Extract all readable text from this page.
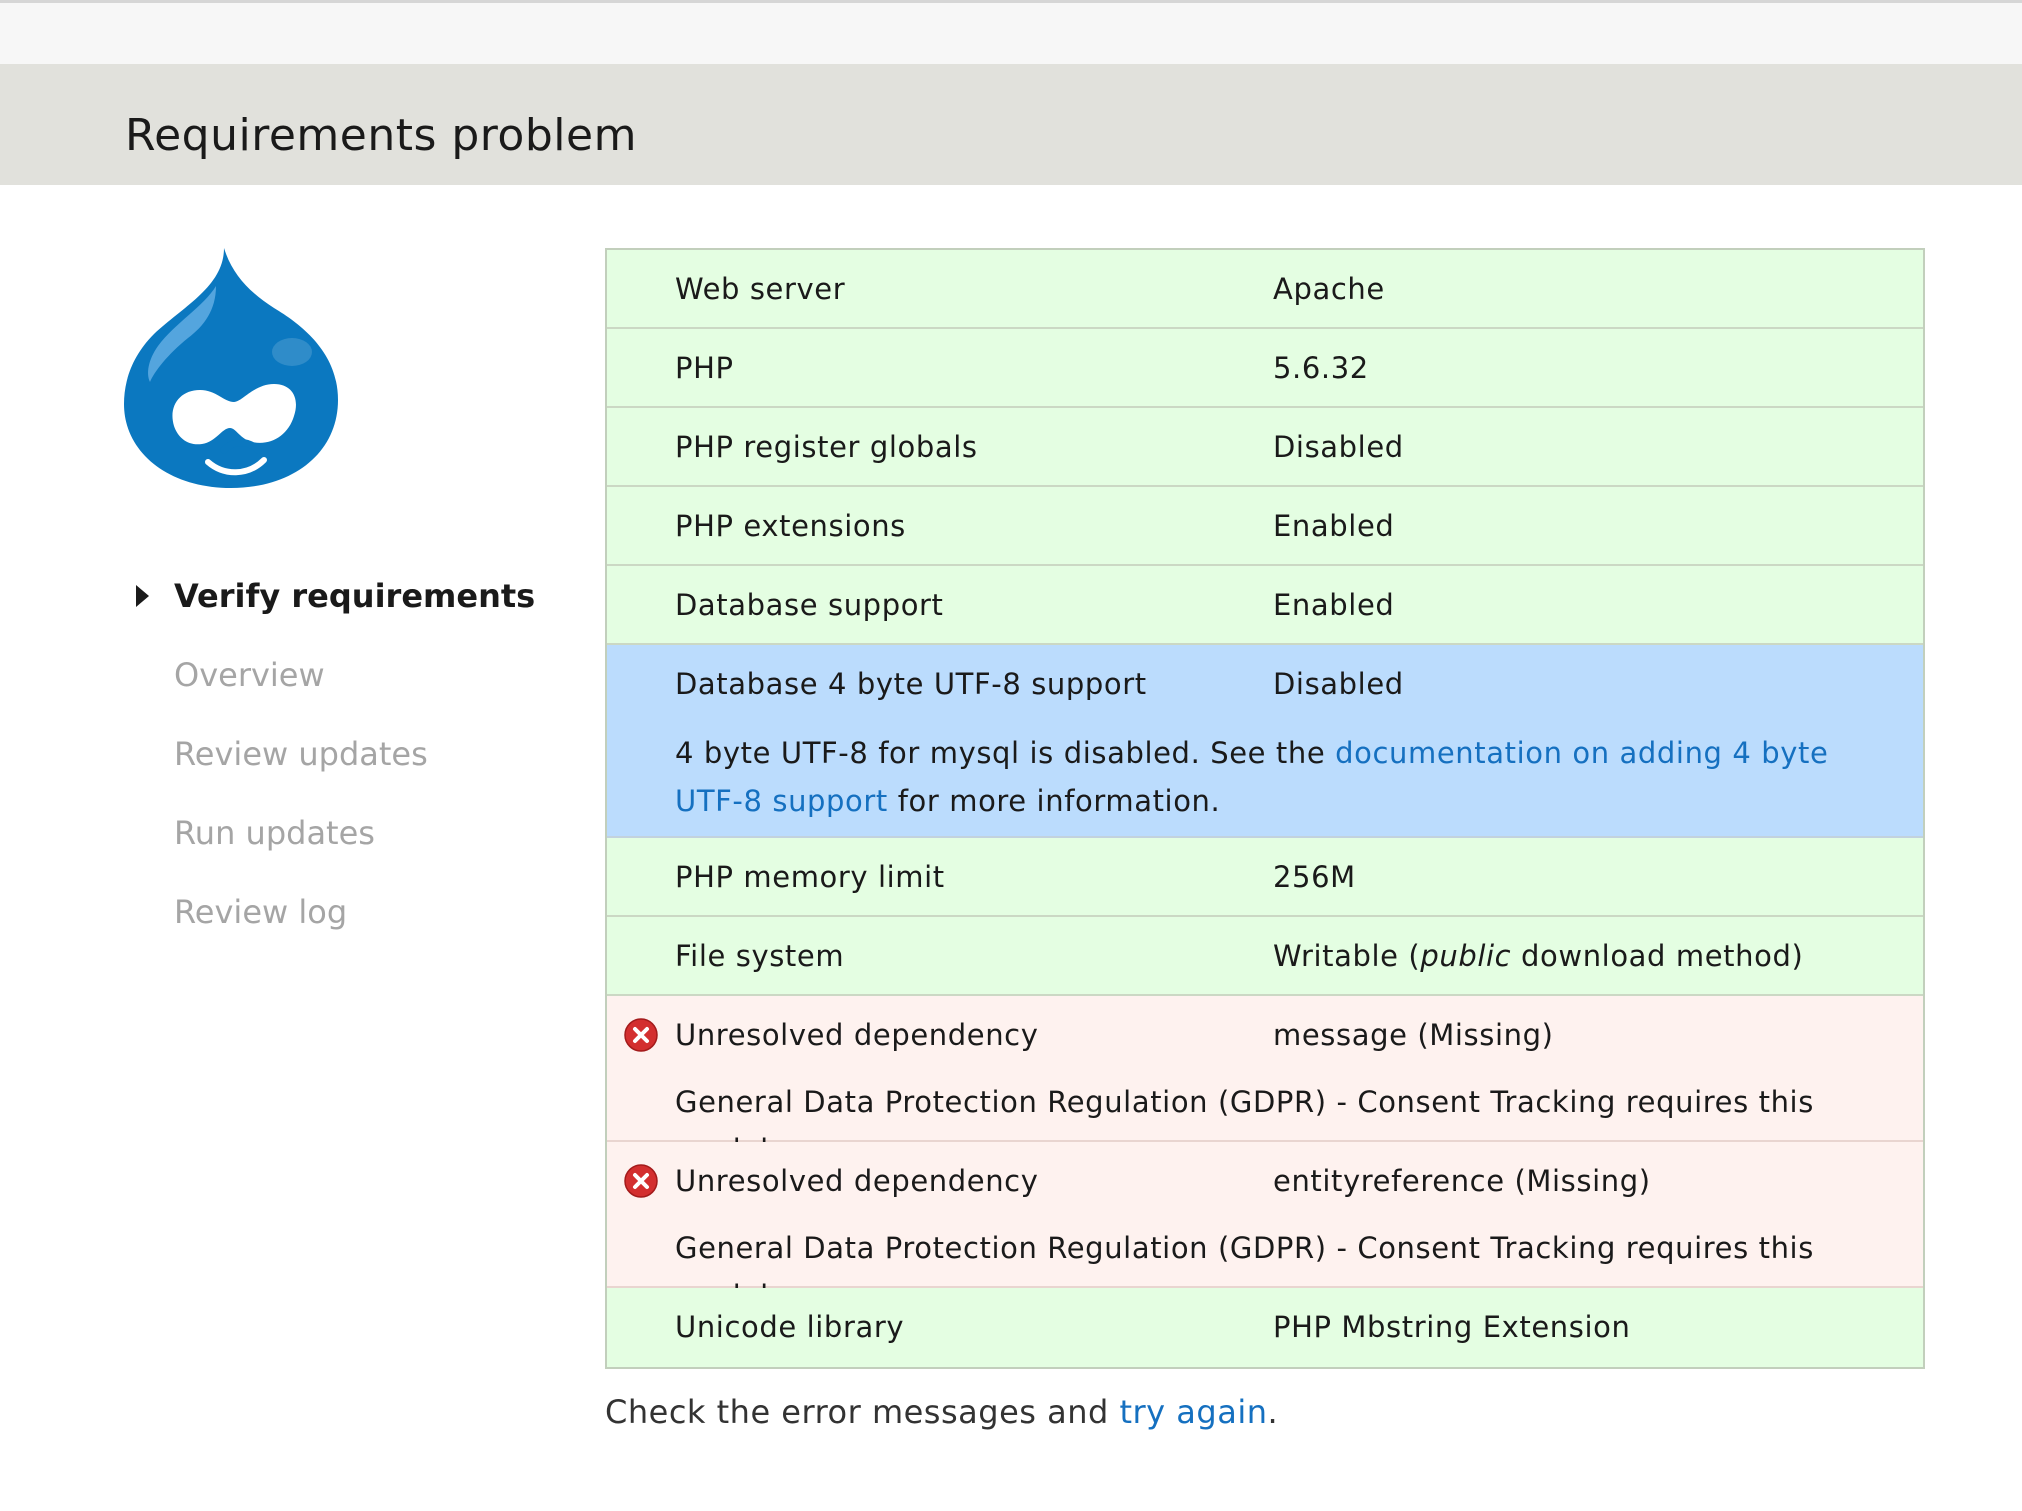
Requirements problem
Verify requirements
Overview
Review updates
Run updates
Review log
Web server	Apache
PHP	5.6.32
PHP register globals	Disabled
PHP extensions	Enabled
Database support	Enabled
Database 4 byte UTF-8 support	Disabled
4 byte UTF-8 for mysql is disabled. See the documentation on adding 4 byte UTF-8 support for more information.
PHP memory limit	256M
File system	Writable (public download method)
Unresolved dependency	message (Missing)
General Data Protection Regulation (GDPR) - Consent Tracking requires this
Unresolved dependency	entityreference (Missing)
General Data Protection Regulation (GDPR) - Consent Tracking requires this
Unicode library	PHP Mbstring Extension

Check the error messages and try again.
